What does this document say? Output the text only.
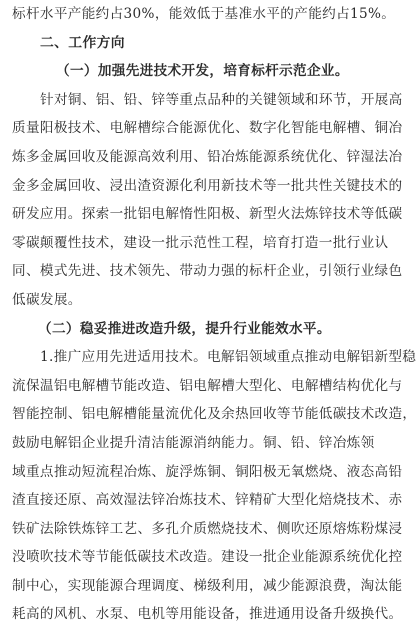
标杆水平产能约占30%，能效低于基准水平的产能约占15%。

二、工作方向

（一）加强先进技术开发，培育标杆示范企业。

针对铜、铝、铅、锌等重点品种的关键领域和环节，开展高

质量阳极技术、电解槽综合能源优化、数字化智能电解槽、铜冶

炼多金属回收及能源高效利用、铅冶炼能源系统优化、锌湿法冶

金多金属回收、浸出渣资源化利用新技术等一批共性关键技术的

研发应用。探索一批铝电解惰性阳极、新型火法炼锌技术等低碳

零碳颠覆性技术，建设一批示范性工程，培育打造一批行业认

同、模式先进、技术领先、带动力强的标杆企业，引领行业绿色

低碳发展。

（二）稳妥推进改造升级，提升行业能效水平。

1.推广应用先进适用技术。电解铝领域重点推动电解铝新型稳

流保温铝电解槽节能改造、铝电解槽大型化、电解槽结构优化与

智能控制、铝电解槽能量流优化及余热回收等节能低碳技术改造，

鼓励电解铝企业提升清洁能源消纳能力。铜、铅、锌冶炼领

域重点推动短流程冶炼、旋浮炼铜、铜阳极无氧燃烧、液态高铅

渣直接还原、高效湿法锌冶炼技术、锌精矿大型化焙烧技术、赤

铁矿法除铁炼锌工艺、多孔介质燃烧技术、侧吹还原熔炼粉煤浸

没喷吹技术等节能低碳技术改造。建设一批企业能源系统优化控

制中心，实现能源合理调度、梯级利用，减少能源浪费，淘汰能

耗高的风机、水泵、电机等用能设备，推进通用设备升级换代。
